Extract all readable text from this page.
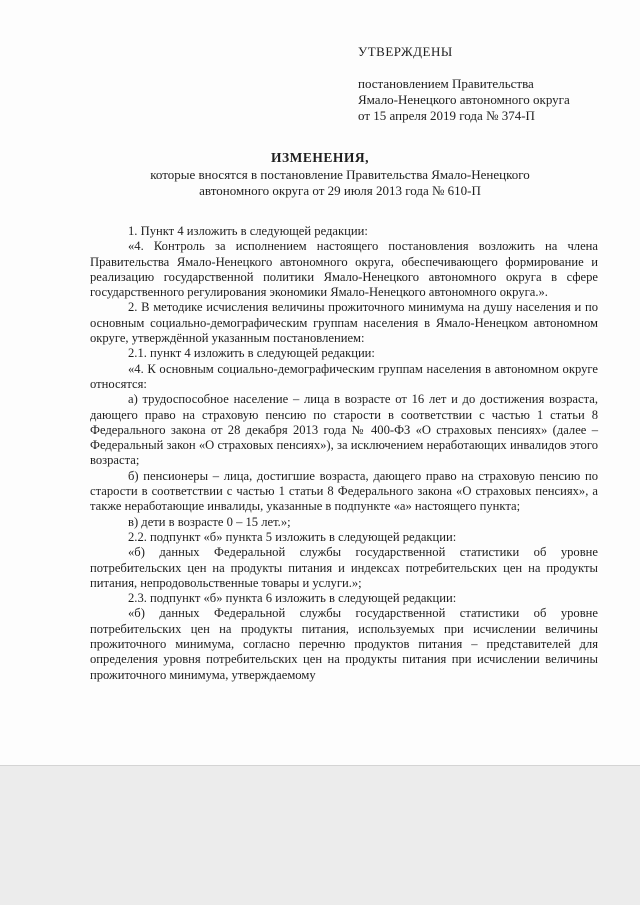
УТВЕРЖДЕНЫ
постановлением Правительства
Ямало-Ненецкого автономного округа
от 15 апреля 2019 года № 374-П
ИЗМЕНЕНИЯ,
которые вносятся в постановление Правительства Ямало-Ненецкого
автономного округа от 29 июля 2013 года № 610-П

1. Пункт 4 изложить в следующей редакции:

«4. Контроль за исполнением настоящего постановления возложить на члена Правительства Ямало-Ненецкого автономного округа, обеспечивающего формирование и реализацию государственной политики Ямало-Ненецкого автономного округа в сфере государственного регулирования экономики Ямало-Ненецкого автономного округа.».

2. В методике исчисления величины прожиточного минимума на душу населения и по основным социально-демографическим группам населения в Ямало-Ненецком автономном округе, утверждённой указанным постановлением:

2.1. пункт 4 изложить в следующей редакции:

«4. К основным социально-демографическим группам населения в автономном округе относятся:

а) трудоспособное население – лица в возрасте от 16 лет и до достижения возраста, дающего право на страховую пенсию по старости в соответствии с частью 1 статьи 8 Федерального закона от 28 декабря 2013 года № 400-ФЗ «О страховых пенсиях» (далее – Федеральный закон «О страховых пенсиях»), за исключением неработающих инвалидов этого возраста;

б) пенсионеры – лица, достигшие возраста, дающего право на страховую пенсию по старости в соответствии с частью 1 статьи 8 Федерального закона «О страховых пенсиях», а также неработающие инвалиды, указанные в подпункте «а» настоящего пункта;

в) дети в возрасте 0 – 15 лет.»;

2.2. подпункт «б» пункта 5 изложить в следующей редакции:

«б) данных Федеральной службы государственной статистики об уровне потребительских цен на продукты питания и индексах потребительских цен на продукты питания, непродовольственные товары и услуги.»;

2.3. подпункт «б» пункта 6 изложить в следующей редакции:

«б) данных Федеральной службы государственной статистики об уровне потребительских цен на продукты питания, используемых при исчислении величины прожиточного минимума, согласно перечню продуктов питания – представителей для определения уровня потребительских цен на продукты питания при исчислении величины прожиточного минимума, утверждаемому
